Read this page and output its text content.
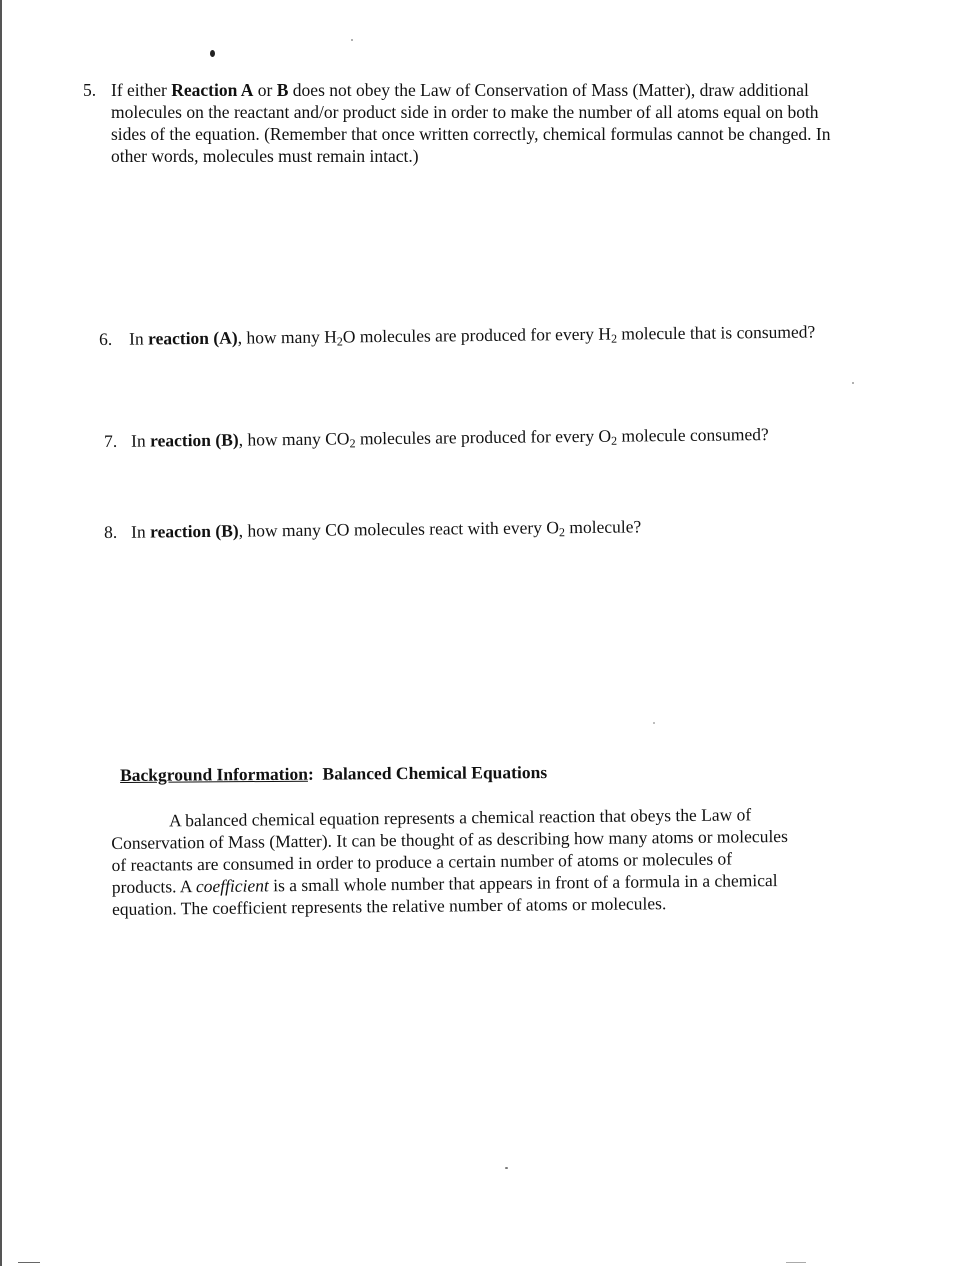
5. If either Reaction A or B does not obey the Law of Conservation of Mass (Matter), draw additional molecules on the reactant and/or product side in order to make the number of all atoms equal on both sides of the equation. (Remember that once written correctly, chemical formulas cannot be changed. In other words, molecules must remain intact.)
6. In reaction (A), how many $H_2O$ molecules are produced for every $H_2$ molecule that is consumed?
7. In reaction (B), how many $CO_2$ molecules are produced for every $O_2$ molecule consumed?
8. In reaction (B), how many CO molecules react with every $O_2$ molecule?
Background Information: Balanced Chemical Equations
A balanced chemical equation represents a chemical reaction that obeys the Law of
Conservation of Mass (Matter). It can be thought of as describing how many atoms or molecules
of reactants are consumed in order to produce a certain number of atoms or molecules of
products. A coefficient is a small whole number that appears in front of a formula in a chemical
equation. The coefficient represents the relative number of atoms or molecules.
